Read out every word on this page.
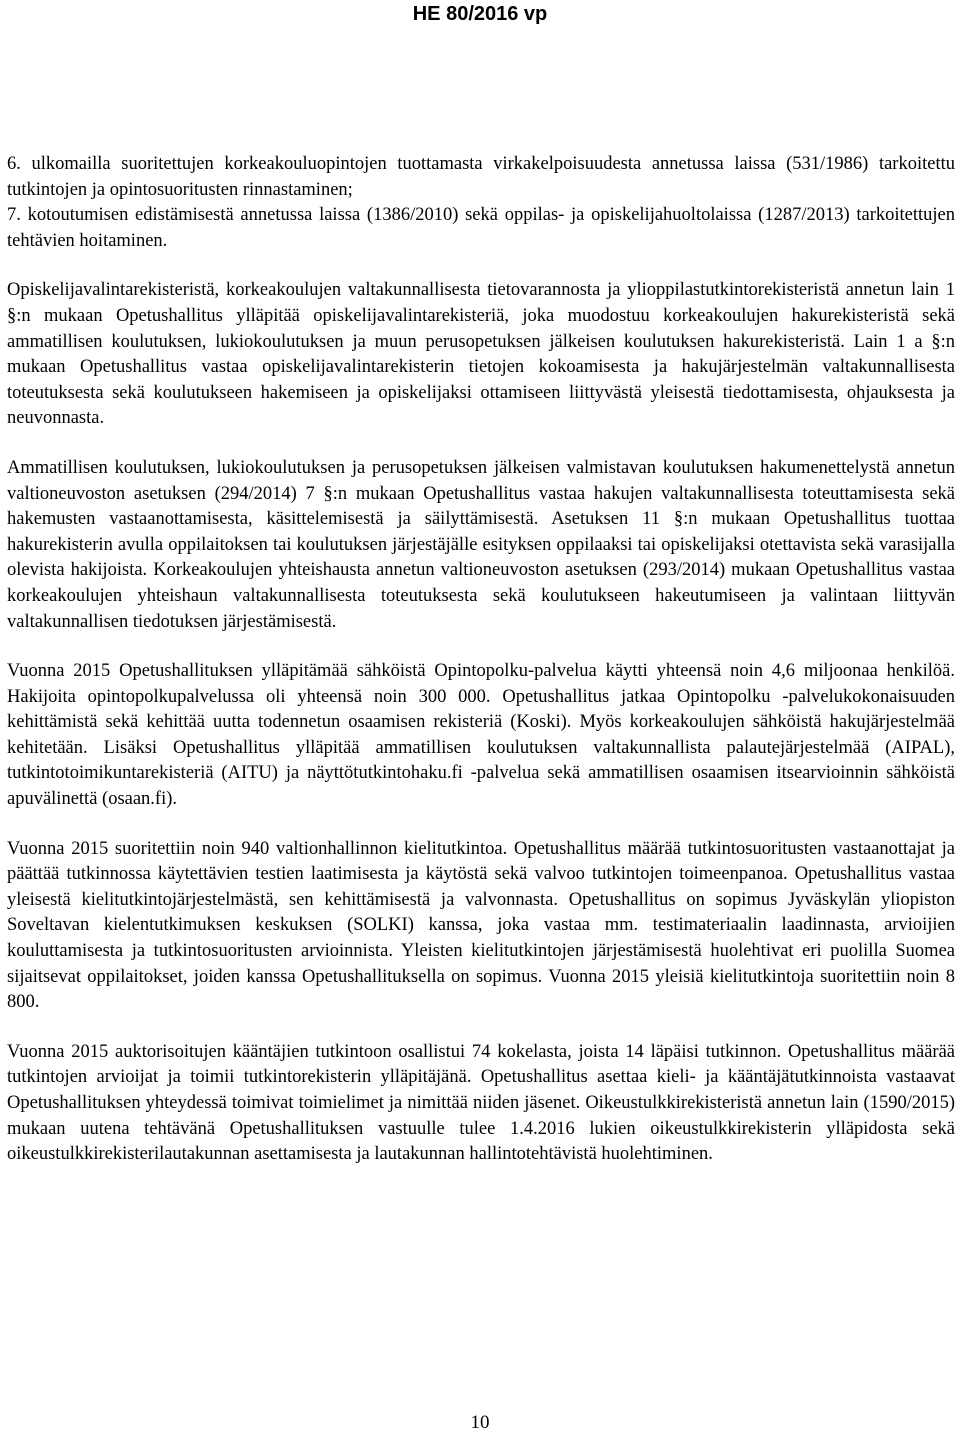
HE 80/2016 vp

6. ulkomailla suoritettujen korkeakouluopintojen tuottamasta virkakelpoisuudesta annetussa laissa (531/1986) tarkoitettu tutkintojen ja opintosuoritusten rinnastaminen;

7. kotoutumisen edistämisestä annetussa laissa (1386/2010) sekä oppilas- ja opiskelijahuoltolaissa (1287/2013) tarkoitettujen tehtävien hoitaminen.

Opiskelijavalintarekisteristä, korkeakoulujen valtakunnallisesta tietovarannosta ja ylioppilastutkintorekisteristä annetun lain 1 §:n mukaan Opetushallitus ylläpitää opiskelijavalintarekisteriä, joka muodostuu korkeakoulujen hakurekisteristä sekä ammatillisen koulutuksen, lukiokoulutuksen ja muun perusopetuksen jälkeisen koulutuksen hakurekisteristä. Lain 1 a §:n mukaan Opetushallitus vastaa opiskelijavalintarekisterin tietojen kokoamisesta ja hakujärjestelmän valtakunnallisesta toteutuksesta sekä koulutukseen hakemiseen ja opiskelijaksi ottamiseen liittyvästä yleisestä tiedottamisesta, ohjauksesta ja neuvonnasta.

Ammatillisen koulutuksen, lukiokoulutuksen ja perusopetuksen jälkeisen valmistavan koulutuksen hakumenettelystä annetun valtioneuvoston asetuksen (294/2014) 7 §:n mukaan Opetushallitus vastaa hakujen valtakunnallisesta toteuttamisesta sekä hakemusten vastaanottamisesta, käsittelemisestä ja säilyttämisestä. Asetuksen 11 §:n mukaan Opetushallitus tuottaa hakurekisterin avulla oppilaitoksen tai koulutuksen järjestäjälle esityksen oppilaaksi tai opiskelijaksi otettavista sekä varasijalla olevista hakijoista. Korkeakoulujen yhteishausta annetun valtioneuvoston asetuksen (293/2014) mukaan Opetushallitus vastaa korkeakoulujen yhteishaun valtakunnallisesta toteutuksesta sekä koulutukseen hakeutumiseen ja valintaan liittyvän valtakunnallisen tiedotuksen järjestämisestä.

Vuonna 2015 Opetushallituksen ylläpitämää sähköistä Opintopolku-palvelua käytti yhteensä noin 4,6 miljoonaa henkilöä. Hakijoita opintopolkupalvelussa oli yhteensä noin 300 000. Opetushallitus jatkaa Opintopolku -palvelukokonaisuuden kehittämistä sekä kehittää uutta todennetun osaamisen rekisteriä (Koski). Myös korkeakoulujen sähköistä hakujärjestelmää kehitetään. Lisäksi Opetushallitus ylläpitää ammatillisen koulutuksen valtakunnallista palautejärjestelmää (AIPAL), tutkintotoimikuntarekisteriä (AITU) ja näyttötutkintohaku.fi -palvelua sekä ammatillisen osaamisen itsearvioinnin sähköistä apuvälinettä (osaan.fi).

Vuonna 2015 suoritettiin noin 940 valtionhallinnon kielitutkintoa. Opetushallitus määrää tutkintosuoritusten vastaanottajat ja päättää tutkinnossa käytettävien testien laatimisesta ja käytöstä sekä valvoo tutkintojen toimeenpanoa. Opetushallitus vastaa yleisestä kielitutkintojärjestelmästä, sen kehittämisestä ja valvonnasta. Opetushallitus on sopimus Jyväskylän yliopiston Soveltavan kielentutkimuksen keskuksen (SOLKI) kanssa, joka vastaa mm. testimateriaalin laadinnasta, arvioijien kouluttamisesta ja tutkintosuoritusten arvioinnista. Yleisten kielitutkintojen järjestämisestä huolehtivat eri puolilla Suomea sijaitsevat oppilaitokset, joiden kanssa Opetushallituksella on sopimus. Vuonna 2015 yleisiä kielitutkintoja suoritettiin noin 8 800.

Vuonna 2015 auktorisoitujen kääntäjien tutkintoon osallistui 74 kokelasta, joista 14 läpäisi tutkinnon. Opetushallitus määrää tutkintojen arvioijat ja toimii tutkintorekisterin ylläpitäjänä. Opetushallitus asettaa kieli- ja kääntäjätutkinnoista vastaavat Opetushallituksen yhteydessä toimivat toimielimet ja nimittää niiden jäsenet. Oikeustulkkirekisteristä annetun lain (1590/2015) mukaan uutena tehtävänä Opetushallituksen vastuulle tulee 1.4.2016 lukien oikeustulkkirekisterin ylläpidosta sekä oikeustulkkirekisterilautakunnan asettamisesta ja lautakunnan hallintotehtävistä huolehtiminen.

10
